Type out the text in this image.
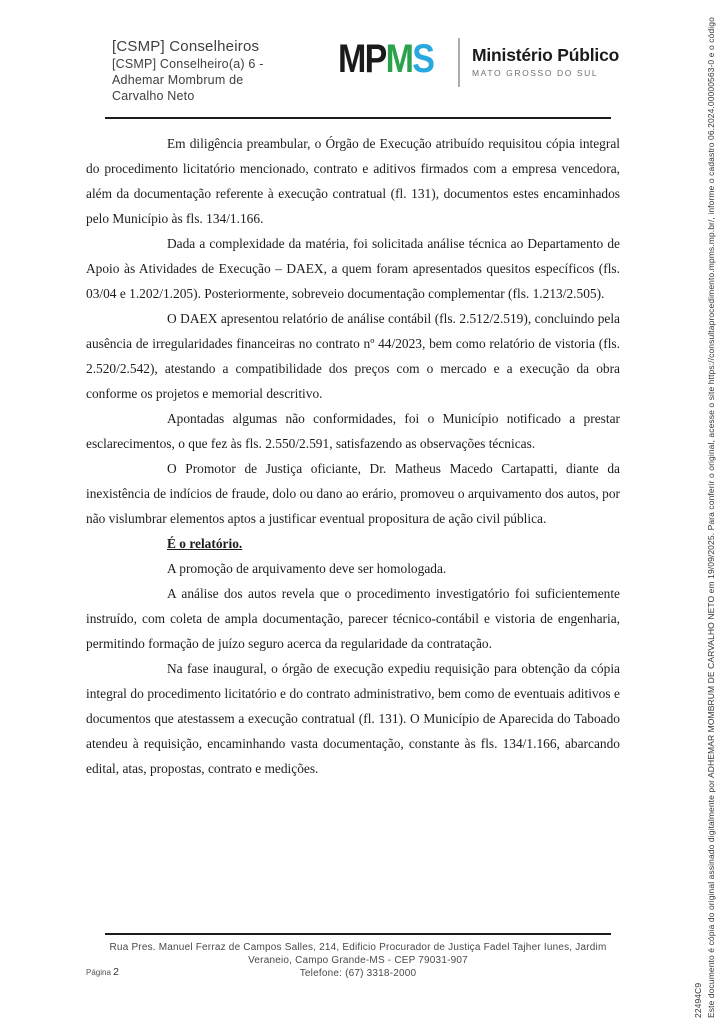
[CSMP] Conselheiros
[CSMP] Conselheiro(a) 6 -
Adhemar Mombrum de
Carvalho Neto
MPMS Ministério Público
MATO GROSSO DO SUL

Em diligência preambular, o Órgão de Execução atribuído requisitou cópia integral do procedimento licitatório mencionado, contrato e aditivos firmados com a empresa vencedora, além da documentação referente à execução contratual (fl. 131), documentos estes encaminhados pelo Município às fls. 134/1.166.

Dada a complexidade da matéria, foi solicitada análise técnica ao Departamento de Apoio às Atividades de Execução – DAEX, a quem foram apresentados quesitos específicos (fls. 03/04 e 1.202/1.205). Posteriormente, sobreveio documentação complementar (fls. 1.213/2.505).

O DAEX apresentou relatório de análise contábil (fls. 2.512/2.519), concluindo pela ausência de irregularidades financeiras no contrato nº 44/2023, bem como relatório de vistoria (fls. 2.520/2.542), atestando a compatibilidade dos preços com o mercado e a execução da obra conforme os projetos e memorial descritivo.

Apontadas algumas não conformidades, foi o Município notificado a prestar esclarecimentos, o que fez às fls. 2.550/2.591, satisfazendo as observações técnicas.

O Promotor de Justiça oficiante, Dr. Matheus Macedo Cartapatti, diante da inexistência de indícios de fraude, dolo ou dano ao erário, promoveu o arquivamento dos autos, por não vislumbrar elementos aptos a justificar eventual propositura de ação civil pública.

É o relatório.

A promoção de arquivamento deve ser homologada.

A análise dos autos revela que o procedimento investigatório foi suficientemente instruído, com coleta de ampla documentação, parecer técnico-contábil e vistoria de engenharia, permitindo formação de juízo seguro acerca da regularidade da contratação.

Na fase inaugural, o órgão de execução expediu requisição para obtenção da cópia integral do procedimento licitatório e do contrato administrativo, bem como de eventuais aditivos e documentos que atestassem a execução contratual (fl. 131). O Município de Aparecida do Taboado atendeu à requisição, encaminhando vasta documentação, constante às fls. 134/1.166, abarcando edital, atas, propostas, contrato e medições.	Este documento é cópia do original assinado digitalmente por ADHEMAR MOMBRUM DE CARVALHO NETO em 19/09/2025. Para conferir o original, acesse o site https://consultaprocedimento.mpms.mp.br/, informe o cadastro 06.2024.00000563-0 e o código 22494C9
Rua Pres. Manuel Ferraz de Campos Salles, 214, Edificio Procurador de Justiça Fadel Tajher Iunes, Jardim
Veraneio, Campo Grande-MS - CEP 79031-907
Telefone: (67) 3318-2000
Página 2
